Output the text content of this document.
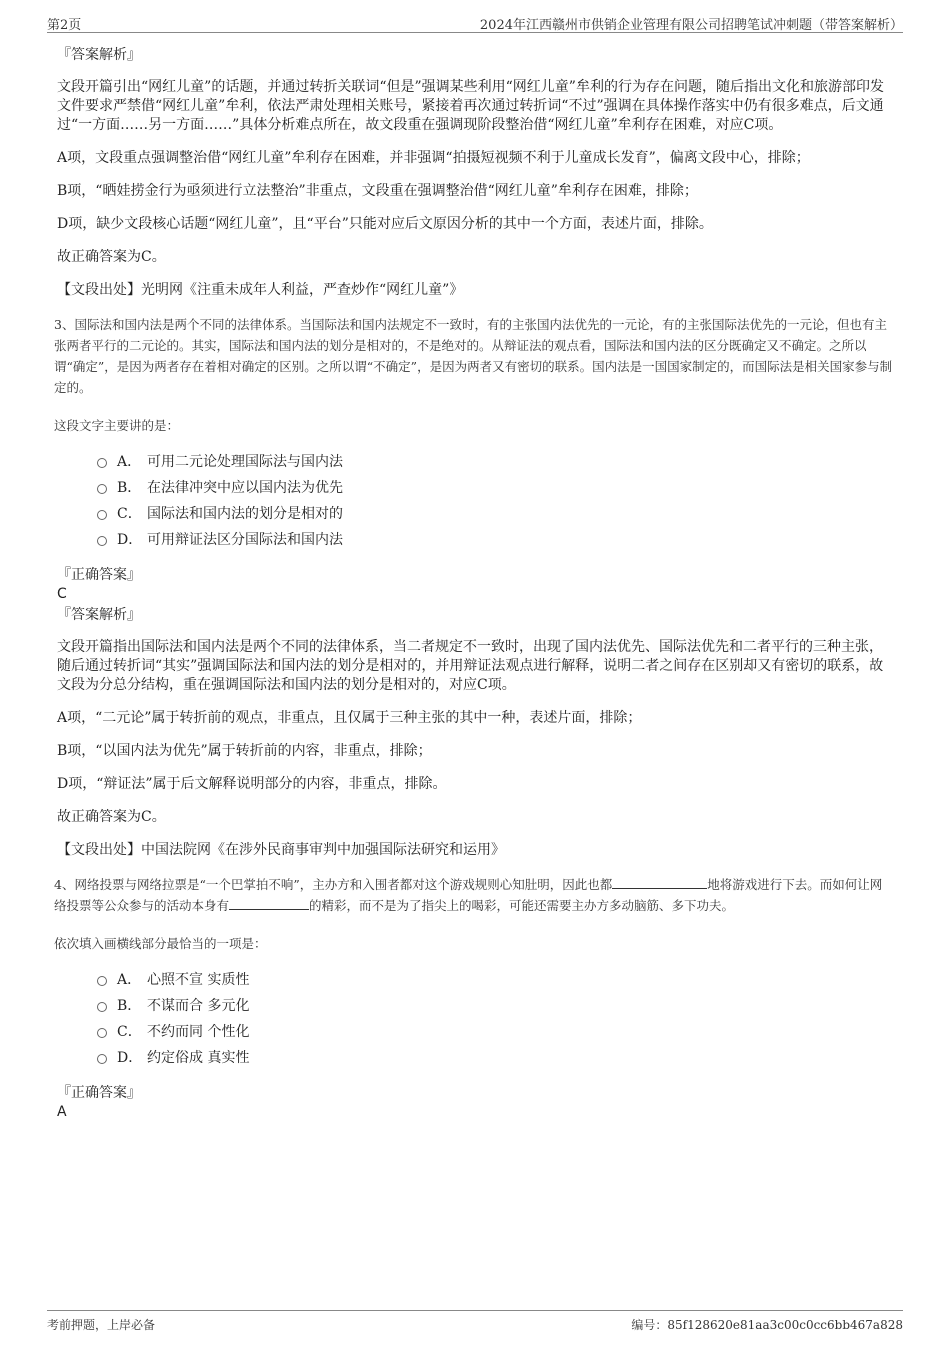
第2页	2024年江西赣州市供销企业管理有限公司招聘笔试冲刺题（带答案解析）
『答案解析』

文段开篇引出“网红儿童”的话题，并通过转折关联词“但是”强调某些利用“网红儿童”牟利的行为存在问题，随后指出文化和旅游部印发文件要求严禁借“网红儿童”牟利，依法严肃处理相关账号，紧接着再次通过转折词“不过”强调在具体操作落实中仍有很多难点，后文通过“一方面……另一方面……”具体分析难点所在，故文段重在强调现阶段整治借“网红儿童”牟利存在困难，对应C项。

A项，文段重点强调整治借“网红儿童”牟利存在困难，并非强调“拍摄短视频不利于儿童成长发育”，偏离文段中心，排除；

B项，“晒娃捞金行为亟须进行立法整治”非重点，文段重在强调整治借“网红儿童”牟利存在困难，排除；

D项，缺少文段核心话题“网红儿童”，且“平台”只能对应后文原因分析的其中一个方面，表述片面，排除。

故正确答案为C。

【文段出处】光明网《注重未成年人利益，严查炒作“网红儿童”》

3、国际法和国内法是两个不同的法律体系。当国际法和国内法规定不一致时，有的主张国内法优先的一元论，有的主张国际法优先的一元论，但也有主张两者平行的二元论的。其实，国际法和国内法的划分是相对的，不是绝对的。从辩证法的观点看，国际法和国内法的区分既确定又不确定。之所以谓“确定”，是因为两者存在着相对确定的区别。之所以谓“不确定”，是因为两者又有密切的联系。国内法是一国国家制定的，而国际法是相关国家参与制定的。

这段文字主要讲的是：

A． 可用二元论处理国际法与国内法
B． 在法律冲突中应以国内法为优先
C． 国际法和国内法的划分是相对的
D． 可用辩证法区分国际法和国内法
『正确答案』
C
『答案解析』

文段开篇指出国际法和国内法是两个不同的法律体系，当二者规定不一致时，出现了国内法优先、国际法优先和二者平行的三种主张，随后通过转折词“其实”强调国际法和国内法的划分是相对的，并用辩证法观点进行解释，说明二者之间存在区别却又有密切的联系，故文段为分总分结构，重在强调国际法和国内法的划分是相对的，对应C项。

A项，“二元论”属于转折前的观点，非重点，且仅属于三种主张的其中一种，表述片面，排除；

B项，“以国内法为优先”属于转折前的内容，非重点，排除；

D项，“辩证法”属于后文解释说明部分的内容，非重点，排除。

故正确答案为C。

【文段出处】中国法院网《在涉外民商事审判中加强国际法研究和运用》

4、网络投票与网络拉票是“一个巴掌拍不响”，主办方和入围者都对这个游戏规则心知肚明，因此也都	地将游戏进行下去。而如何让网络投票等公众参与的活动本身有	的精彩，而不是为了指尖上的喝彩，可能还需要主办方多动脑筋、多下功夫。

依次填入画横线部分最恰当的一项是：

A． 心照不宣 实质性
B． 不谋而合 多元化
C． 不约而同 个性化
D． 约定俗成 真实性
『正确答案』
A
考前押题，上岸必备	编号：85f128620e81aa3c00c0cc6bb467a828
